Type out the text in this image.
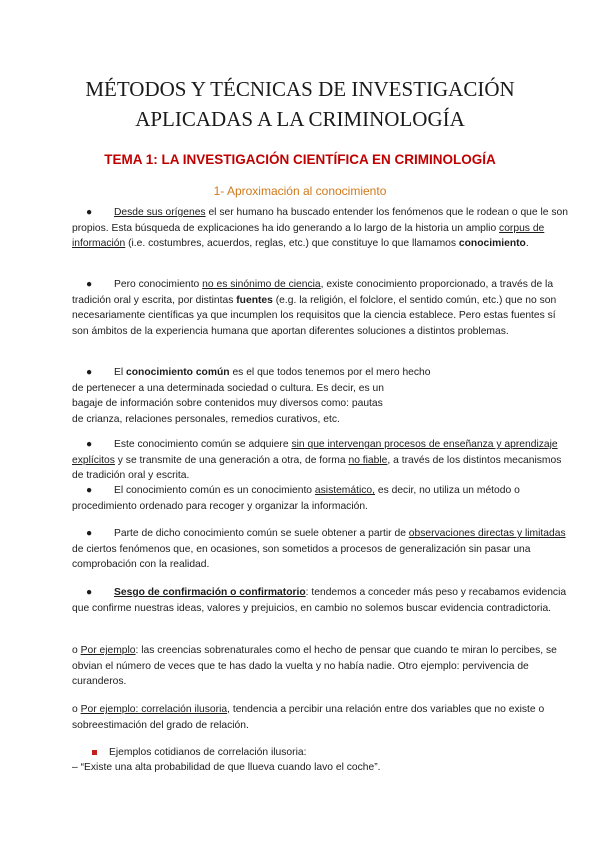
MÉTODOS Y TÉCNICAS DE INVESTIGACIÓN
APLICADAS A LA CRIMINOLOGÍA
TEMA 1: LA INVESTIGACIÓN CIENTÍFICA EN CRIMINOLOGÍA
1- Aproximación al conocimiento

● Desde sus orígenes el ser humano ha buscado entender los fenómenos que le rodean o que le son propios. Esta búsqueda de explicaciones ha ido generando a lo largo de la historia un amplio corpus de información (i.e. costumbres, acuerdos, reglas, etc.) que constituye lo que llamamos conocimiento.

● Pero conocimiento no es sinónimo de ciencia, existe conocimiento proporcionado, a través de la tradición oral y escrita, por distintas fuentes (e.g. la religión, el folclore, el sentido común, etc.) que no son necesariamente científicas ya que incumplen los requisitos que la ciencia establece. Pero estas fuentes sí son ámbitos de la experiencia humana que aportan diferentes soluciones a distintos problemas.

● El conocimiento común es el que todos tenemos por el mero hecho
de pertenecer a una determinada sociedad o cultura. Es decir, es un
bagaje de información sobre contenidos muy diversos como: pautas
de crianza, relaciones personales, remedios curativos, etc.

● Este conocimiento común se adquiere sin que intervengan procesos de enseñanza y aprendizaje explícitos y se transmite de una generación a otra, de forma no fiable, a través de los distintos mecanismos de tradición oral y escrita.

● El conocimiento común es un conocimiento asistemático, es decir, no utiliza un método o procedimiento ordenado para recoger y organizar la información.

● Parte de dicho conocimiento común se suele obtener a partir de observaciones directas y limitadas de ciertos fenómenos que, en ocasiones, son sometidos a procesos de generalización sin pasar una comprobación con la realidad.

● Sesgo de confirmación o confirmatorio: tendemos a conceder más peso y recabamos evidencia que confirme nuestras ideas, valores y prejuicios, en cambio no solemos buscar evidencia contradictoria.

o Por ejemplo: las creencias sobrenaturales como el hecho de pensar que cuando te miran lo percibes, se obvian el número de veces que te has dado la vuelta y no había nadie. Otro ejemplo: pervivencia de curanderos.

o Por ejemplo: correlación ilusoria, tendencia a percibir una relación entre dos variables que no existe o sobreestimación del grado de relación.

Ejemplos cotidianos de correlación ilusoria:

– “Existe una alta probabilidad de que llueva cuando lavo el coche”.
